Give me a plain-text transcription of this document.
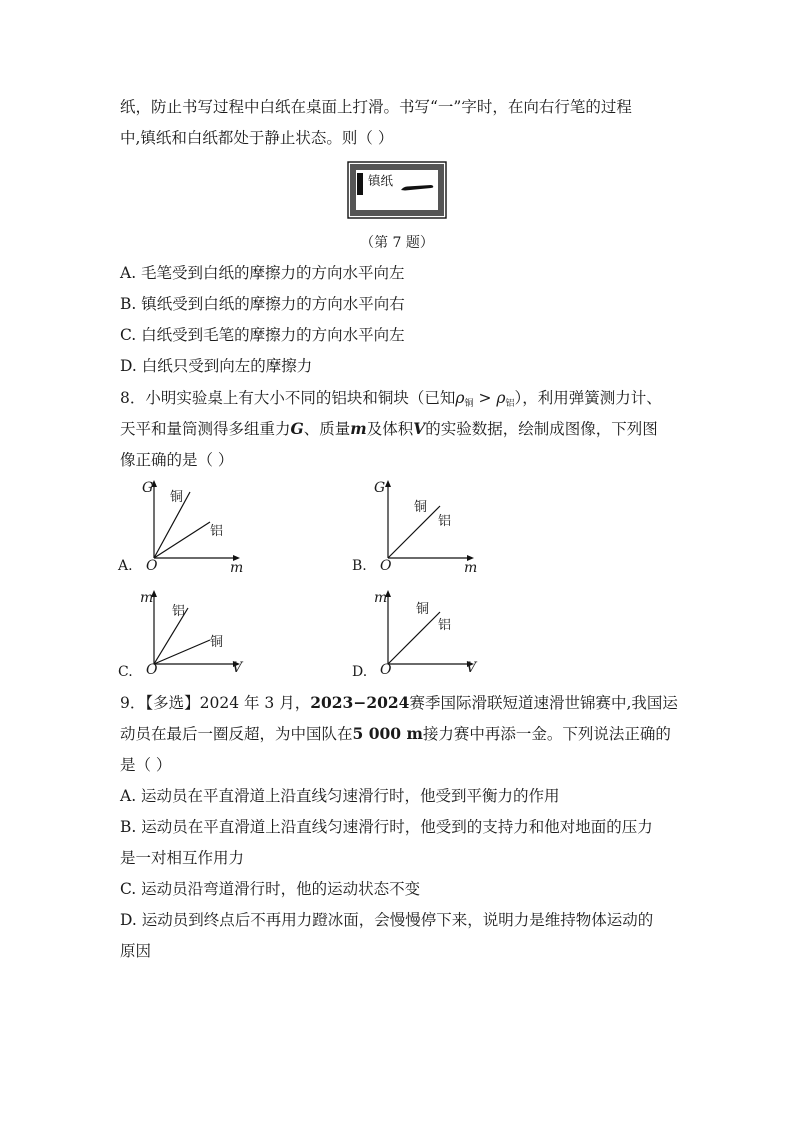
纸，防止书写过程中白纸在桌面上打滑。书写“一”字时，在向右行笔的过程
中,镇纸和白纸都处于静止状态。则（ ）
镇纸
（第 7 题）
A. 毛笔受到白纸的摩擦力的方向水平向左
B. 镇纸受到白纸的摩擦力的方向水平向右
C. 白纸受到毛笔的摩擦力的方向水平向左
D. 白纸只受到向左的摩擦力
8．小明实验桌上有大小不同的铝块和铜块（已知$\rho_铜 > \rho_铝$），利用弹簧测力计、
天平和量筒测得多组重力G、质量m及体积V的实验数据，绘制成图像，下列图
像正确的是（ ）
A.
G
m
O
铜
铝
B.
G
m
O
铜
铝
C.
m
V
O
铝
铜
D.
m
V
O
铜
铝
9．【多选】2024 年 3 月，2023−2024赛季国际滑联短道速滑世锦赛中,我国运
动员在最后一圈反超，为中国队在5 000 m接力赛中再添一金。下列说法正确的
是（ ）
A. 运动员在平直滑道上沿直线匀速滑行时，他受到平衡力的作用
B. 运动员在平直滑道上沿直线匀速滑行时，他受到的支持力和他对地面的压力
是一对相互作用力
C. 运动员沿弯道滑行时，他的运动状态不变
D. 运动员到终点后不再用力蹬冰面，会慢慢停下来，说明力是维持物体运动的
原因
